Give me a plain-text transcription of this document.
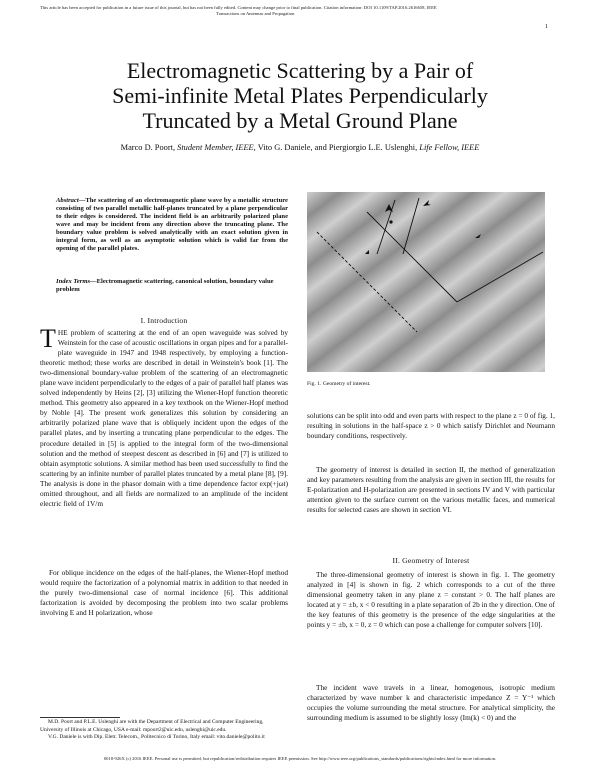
This article has been accepted for publication in a future issue of this journal, but has not been fully edited. Content may change prior to final publication. Citation information: DOI 10.1109/TAP.2016.2616658, IEEE
Transactions on Antennas and Propagation
1
Electromagnetic Scattering by a Pair of
Semi-infinite Metal Plates Perpendicularly
Truncated by a Metal Ground Plane
Marco D. Poort, Student Member, IEEE, Vito G. Daniele, and Piergiorgio L.E. Uslenghi, Life Fellow, IEEE
Abstract—The scattering of an electromagnetic plane wave by a metallic structure consisting of two parallel metallic half-planes truncated by a plane perpendicular to their edges is considered. The incident field is an arbitrarily polarized plane wave and may be incident from any direction above the truncating plane. The boundary value problem is solved analytically with an exact solution given in integral form, as well as an asymptotic solution which is valid far from the opening of the parallel plates.
Index Terms—Electromagnetic scattering, canonical solution, boundary value problem
I. Introduction
THE problem of scattering at the end of an open waveguide was solved by Weinstein for the case of acoustic oscillations in organ pipes and for a parallel-plate waveguide in 1947 and 1948 respectively, by employing a function-theoretic method; these works are described in detail in Weinstein's book [1]. The two-dimensional boundary-value problem of the scattering of an electromagnetic plane wave incident perpendicularly to the edges of a pair of parallel half planes was solved independently by Heins [2], [3] utilizing the Wiener-Hopf function theoretic method. This geometry also appeared in a key textbook on the Wiener-Hopf method by Noble [4]. The present work generalizes this solution by considering an arbitrarily polarized plane wave that is obliquely incident upon the edges of the parallel plates, and by inserting a truncating plane perpendicular to the edges. The procedure detailed in [5] is applied to the integral form of the two-dimensional solution and the method of steepest descent as described in [6] and [7] is utilized to obtain asymptotic solutions. A similar method has been used successfully to find the scattering by an infinite number of parallel plates truncated by a metal plane [8], [9]. The analysis is done in the phasor domain with a time dependence factor exp(+jωt) omitted throughout, and all fields are normalized to an amplitude of the incident electric field of 1V/m
For oblique incidence on the edges of the half-planes, the Wiener-Hopf method would require the factorization of a polynomial matrix in addition to that needed in the purely two-dimensional case of normal incidence [6]. This additional factorization is avoided by decomposing the problem into two scalar problems involving E and H polarization, whose

M.D. Poort and P.L.E. Uslenghi are with the Department of Electrical and Computer Engineering, University of Illinois at Chicago, USA e-mail: mpoort2@uic.edu, uslenghi@uic.edu.

V.G. Daniele is with Dip. Eletr. Telecom., Politecnico di Torino, Italy email: vito.daniele@polito.it

Fig. 1. Geometry of interest.
solutions can be split into odd and even parts with respect to the plane z = 0 of fig. 1, resulting in solutions in the half-space z > 0 which satisfy Dirichlet and Neumann boundary conditions, respectively.
The geometry of interest is detailed in section II, the method of generalization and key parameters resulting from the analysis are given in section III, the results for E-polarization and H-polarization are presented in sections IV and V with particular attention given to the surface current on the various metallic faces, and numerical results for selected cases are shown in section VI.
II. Geometry of Interest
The three-dimensional geometry of interest is shown in fig. 1. The geometry analyzed in [4] is shown in fig. 2 which corresponds to a cut of the three dimensional geometry taken in any plane z = constant > 0. The half planes are located at y = ±b, x < 0 resulting in a plate separation of 2b in the y direction. One of the key features of this geometry is the presence of the edge singularities at the points y = ±b, x = 0, z = 0 which can pose a challenge for computer solvers [10].
The incident wave travels in a linear, homogenous, isotropic medium characterized by wave number k and characteristic impedance Z = Y⁻¹ which occupies the volume surrounding the metal structure. For analytical simplicity, the surrounding medium is assumed to be slightly lossy (Im(k) < 0) and the
0018-926X (c) 2016 IEEE. Personal use is permitted, but republication/redistribution requires IEEE permission. See http://www.ieee.org/publications_standards/publications/rights/index.html for more information.
